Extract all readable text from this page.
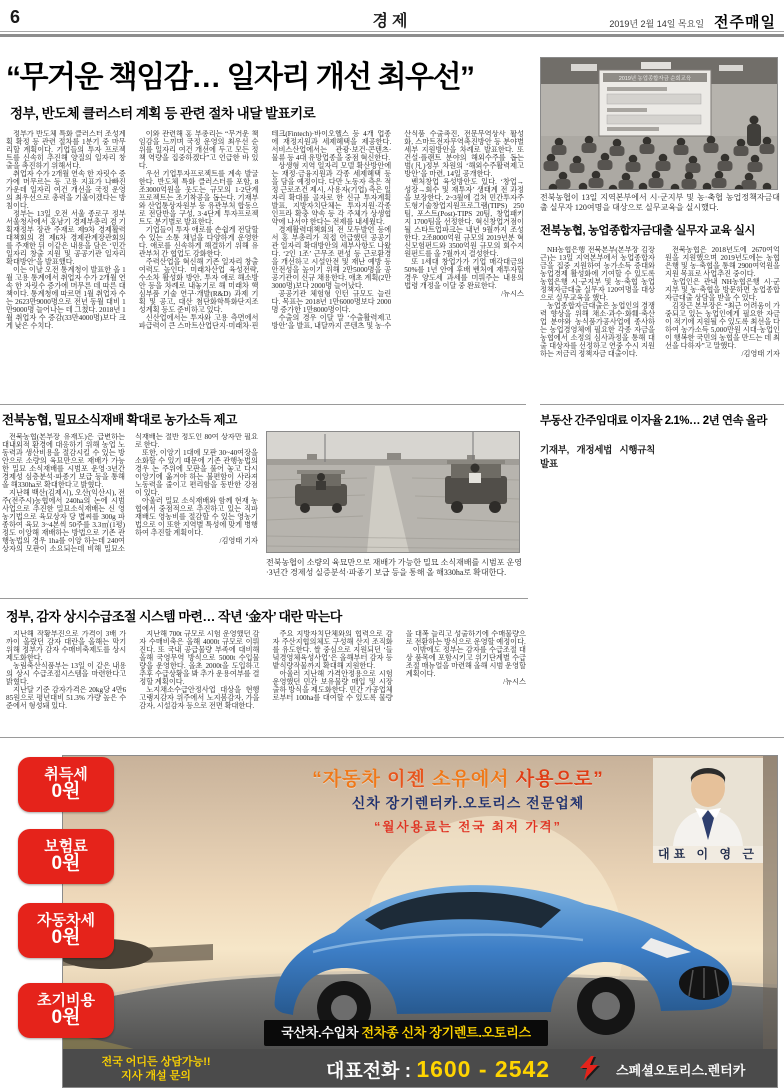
6	경제	2019년 2월 14일 목요일 전주매일
“무거운 책임감… 일자리 개선 최우선”
정부, 반도체 클러스터 계획 등 관련 절차 내달 발표키로

정부가 반도체 특화 클러스터 조성계획 확정 등 관련 절차를 1분기 중 마무리할 계획이다. 기업들의 투자 프로젝트를 신속히 추진해 양질의 일자리 창출을 촉진하기 위해서다.

취업자 수가 2개월 연속 한 자릿수 증가에 머무르는 등 고용 지표가 나빠진 가운데 일자리 여건 개선을 국정 운영의 최우선으로 총력을 기울이겠다는 방침이다.

정부는 13일 오전 서울 종로구 정부서울청사에서 홍남기 경제부총리 겸 기획재정부 장관 주재로 제9차 경제활력대책회의 겸 제6차 경제관계장관회의를 주재한 뒤 이같은 내용을 담은 ‘민간 일자리 창출 지원 및 공공기관 일자리 확대방안’을 발표했다.

이는 이날 오전 통계청이 발표한 올 1월 고용 통계에서 취업자 수가 2개월 연속 한 자릿수 증가에 머무른 데 따른 대책이다. 통계청에 따르면 1월 취업자 수는 2623만9000명으로 전년 동월 대비 1만9000명 늘어나는 데 그쳤다. 2018년 1월 취업자 수 증감(33만4000명)보다 크게 낮은 수치다.

이와 관련해 홍 부총리는 “무거운 책임감을 느끼며 국정 운영의 최우선 순위를 일자리 여건 개선에 두고 모든 정책 역량을 집중하겠다”고 언급한 바 있다.

우선 기업투자프로젝트를 계속 발굴한다. 반도체 특화 클러스터를 포함, 8조3000억원을 웃도는 규모의 1·2단계 프로젝트는 조기착공을 돕는다. 기재부와 산업통상자원부 등 유관부처 합동으로 전담반을 구성, 3·4단계 투자프로젝트도 분기별로 발표한다.

기업들이 투자 애로를 손쉽게 전달할 수 있는 소통 채널을 다양하게 운영한다. 애로를 신속하게 해결하기 위해 유관부처 간 협업도 강화한다.

주력산업을 혁신해 기존 일자리 창출 여력도 높인다. 미래차산업 육성전략, 수소차 활성화 방안, 투자 애로 해소방안 등을 차례로 내놓기로 해 미래차 핵심부품 기술 연구·개발(R&D) 과제 기획 및 공고, 대산 첨단화학특화단지조성계획 등도 준비하고 있다.

신산업에서는 투자와 고용 측면에서 파급력이 큰 스마트산업단지·미래차·핀테크(Fintech)·바이오헬스 등 4개 업종에 재정지원과 세제혜택을 제공한다. 서비스산업에서는 관광·보건·콘텐츠·물류 등 4대 유망업종을 중점 혁신한다.

상생형 지역 일자리 모델 확산방안에는 재정·금융지원과 각종 세제혜택 등을 담을 예정이다. 다만 노동자 측은 적정 근로조건 제시, 사용자(기업) 측은 일자리 확대를 골자로 한 신규 투자계획 발표, 지방자치단체는 투자지원·각종 인프라 확충 약속 등 각 주체가 상생협약에 나서야 한다는 전제를 내세웠다.

경제활력대책회의 전 모두발언 등에서 홍 부총리가 직접 언급했던 공공기관 일자리 확대방안의 세부사항도 나왔다. ‘2인 1조’ 근무조 편성 등 근로환경을 개선하고 시설안전 및 재난 예방 등 안전성을 높이기 위해 2만5000명을 공공기관이 신규 채용한다. 애초 계획(2만3000명)보다 2000명 늘어났다.

공공기관 체험형 인턴 규모도 늘린다. 목표는 2018년 1만6000명보다 2000명 증가한 1만8000명이다.

수출의 경우 이달 말 ‘수출활력제고방안’을 발표, 내달까지 콘텐츠 및 농·수산식품 수출촉진, 전문무역상사 활성화, 스마트전자무역촉진방안 등 분야별 세부 지원방안을 차례로 발표한다. 또 건설·플랜트 분야의 해외수주를 돕는 범(凡)정부 차원의 ‘해외수주활력제고방안’을 마련, 14일 공개한다.

벤처창업 육성방안도 있다. ‘창업→성장→회수 및 재투자’ 생태계 전 과정을 보장한다. 2~3월에 걸쳐 민간투자주도형기술창업지원프로그램(TIPS) 250팀, 포스트(Post)-TIPS 20팀, 창업패키지 1700팀을 선정한다. 혁신창업거점이 될 스타트업파크는 내년 9월까지 조성한다. 2조8000억원 규모의 2019년분 혁신모험펀드와 3500억원 규모의 회수지원펀드를 올 7월까지 결성한다.

또 1세대 창업가가 기업 매각대금의 50%를 1년 안에 후배 벤처에 재투자할 경우 양도세 과세를 미뤄주는 내용의 법령 개정을 이달 중 완료한다.

/뉴시스

2019년 농업종합자금 순회교육
전북농협이 13일 지역본부에서 시·군지부 및 농·축협 농업정책자금대출 실무자 120여명을 대상으로 실무교육을 실시했다.
전북농협, 농업종합자금대출 실무자 교육 실시

NH농협은행 전북본부(본부장 김장근)는 13일 지역본부에서 농업종합자금을 집중 지원하여 농가소득 증대와 농업경제 활성화에 기여할 수 있도록 농협은행 시·군지부 및 농·축협 농업정책자금대출 실무자 120여명을 대상으로 실무교육을 했다.

농업종합자금대출은 농업인의 경쟁력 향상을 위해 채소·과수·화훼·축산업 분야와 농식품가공사업에 종사하는 농업경영체에 필요한 각종 자금을 농협에서 소정의 심사과정을 통해 대출 대상자를 선정하고 연중 수시 지원하는 저금리 정책자금 대출이다.

전북농협은 2018년도에 2670여억원을 지원했으며 2019년도에는 농협은행 및 농·축협을 통해 2900여억원을 지원 목표로 사업추진 중이다.

농업인은 관내 NH농협은행 시·군지부 및 농·축협을 방문하면 농업종합자금대출 상담을 받을 수 있다.

김장근 본부장은 “최근 어려움이 가중되고 있는 농업인에게 필요한 자금이 적기에 지원될 수 있도록 최선을 다하여 농가소득 5,000만원 시대·농업인이 행복한 국민의 농협을 만드는 데 최선을 다하자”고 말했다.

/김영태 기자

전북농협, 밀묘소식재배 확대로 농가소득 제고

전북농협(본부장 유재도)은 급변하는 대내외적 환경에 대응하기 위해 농업 노동력과 생산비용을 절감시킬 수 있는 방안으로 소량의 육묘만으로 재배가 가능한 밀묘 소식재배를 시범포 운영·3년간 경제성 심층분석·파종기 보급 등을 통해 올 해330ha로 확대한다고 밝혔다.

지난해 백산(김제시), 오산(익산시), 전주(전주시)농협에서 240ha의 논에 시범사업으로 추진한 밀묘소식재배는 신 영농기법으로 육묘상자 당 볍씨를 300g 파종하여 육묘 3~4본씩 50주를 3.3㎡(1평) 정도 이앙해 재배하는 방법으로 기존 관행농법의 경우 1ha를 이앙 하는데 240여 상자의 모판이 소요되는데 비해 밀묘소식재배는 절반 정도인 80여 상자만 필요로 한다.

또한, 이앙기 1대에 모판 30~40여장을 소화할 수 있기 때문에 기존 관행농법의 경우 논 주위에 모판을 풀어 놓고 다시 이앙기에 옮겨야 하는 불편함이 사라져 노동력을 줄이고 편리함을 동반한 강점이 있다.

아울러 밀묘 소식재배와 함께 현재 농협에서 중점적으로 추진하고 있는 직파재배도 영농비를 절감할 수 있는 영농기법으로 이 또한 지역별 특성에 맞게 병행하여 추진할 계획이다.

/김영태 기자

전북농협이 소량의 육묘만으로 재배가 가능한 밀묘 소식재배를 시범포 운영·3년간 경제성 실증분석·파종기 보급 등을 통해 올 해330ha로 확대한다.
부동산 간주임대료 이자율 2.1%… 2년 연속 올라

기재부, 개정세법 시행규칙 발표

정부, 감자 상시수급조절 시스템 마련… 작년 ‘金자’ 대란 막는다

지난해 작황부진으로 가격이 3배 가까이 올랐던 감자 대란을 올해는 막기 위해 정부가 감자 수매비축제도를 상시 제도화한다.

농림축산식품부는 13일 이 같은 내용의 상시 수급조절시스템을 마련한다고 밝혔다.

지난달 기준 감자가격은 20kg당 4만685원으로 평년대비 51.3% 가량 높은 수준에서 형성돼 있다.

지난해 700t 규모로 시험 운영했던 감자 수매비축은 올해 4000t 규모로 이뤄진다. 또 국내 공급물량 부족에 대비해 올해 국영무역 방식으로 5000t 수입물량을 운영한다. 올초 2000t을 도입하고 추후 수급상황을 봐 추가 운용여부를 결정할 계획이다.

노지채소수급안정사업 대상을 현행 고랭지감자 위주에서 노지봄감자, 가을감자, 시설감자 등으로 전면 확대한다.

주요 지방자치단체와의 협력으로 감자 주산지협의체도 구성해 산지 조직화를 유도한다. 쌀 중심으로 지원되던 ‘들녘경영체육성사업’은 올해부터 감자 등 밭식량작물까지 확대해 지원한다.

아울러 지난해 가격안정용으로 시험 운영했던 민간 보유물량 매입 및 시장 출하 방식을 제도화한다. 민간 가공업체로부터 100ha를 대여할 수 있도록 물량을 대폭 늘리고 성출하기에 수매물량으로 전환하는 방식으로 운영할 예정이다.

이밖에도 정부는 감자를 수급조절 대상 품목에 포함시키고 위기단계별 수급조절 매뉴얼을 마련해 올해 시범 운영할 계획이다.

/뉴시스

“자동차 이젠 소유에서 사용으로”
신차 장기렌터카.오토리스 전문업체
“월사용료는 전국 최저 가격”
대표 이 영 근
국산차.수입차 전차종 신차 장기렌트.오토리스
전국 어디든 상담가능!!
지사 개설 문의	대표전화 : 1600 - 2542	스페셜오토리스.렌터카
취득세
0원
보험료
0원
자동차세
0원
초기비용
0원
